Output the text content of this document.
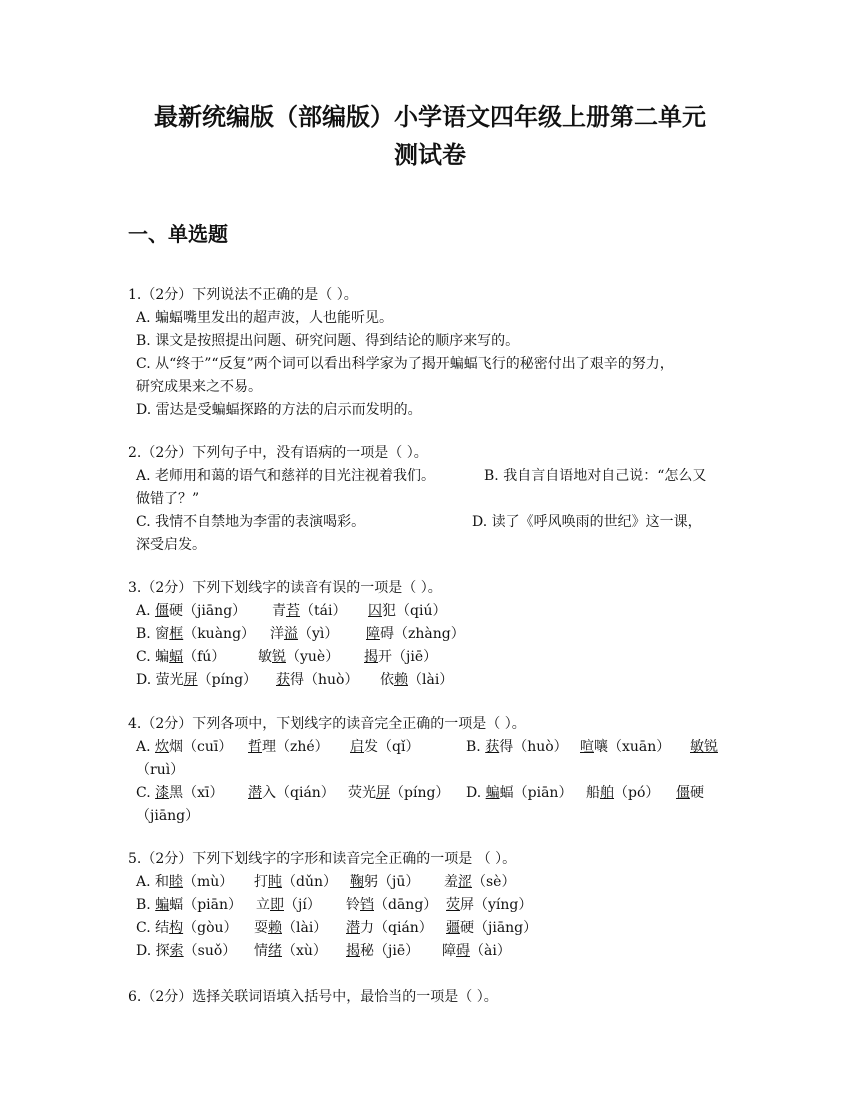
最新统编版（部编版）小学语文四年级上册第二单元
测试卷
一、单选题
1.（2分）下列说法不正确的是（ ）。
A. 蝙蝠嘴里发出的超声波，人也能听见。
B. 课文是按照提出问题、研究问题、得到结论的顺序来写的。
C. 从“终于”“反复”两个词可以看出科学家为了揭开蝙蝠飞行的秘密付出了艰辛的努力，
研究成果来之不易。
D. 雷达是受蝙蝠探路的方法的启示而发明的。
2.（2分）下列句子中，没有语病的一项是（ ）。
A. 老师用和蔼的语气和慈祥的目光注视着我们。	B. 我自言自语地对自己说：“怎么又
做错了？”
C. 我情不自禁地为李雷的表演喝彩。	D. 读了《呼风唤雨的世纪》这一课，
深受启发。
3.（2分）下列下划线字的读音有误的一项是（ ）。
A. 僵硬（jiāng） 青苔（tái） 囚犯（qiú）
B. 窗框（kuàng） 洋溢（yì） 障碍（zhàng）
C. 蝙蝠（fú） 敏锐（yuè） 揭开（jiē）
D. 萤光屏（píng） 获得（huò） 依赖（lài）
4.（2分）下列各项中，下划线字的读音完全正确的一项是（ ）。
A. 炊烟（cuī） 哲理（zhé） 启发（qǐ）	B. 获得（huò） 喧嚷（xuān） 敏锐
（ruì）
C. 漆黑（xī） 潜入（qián） 荧光屏（píng） D. 蝙蝠（piān） 船舶（pó） 僵硬
（jiāng）
5.（2分）下列下划线字的字形和读音完全正确的一项是 （ ）。
A. 和睦（mù） 打盹（dǔn） 鞠躬（jū） 羞涩（sè）
B. 蝙蝠（piān） 立即（jí） 铃铛（dāng） 荧屏（yíng）
C. 结构（gòu） 耍赖（lài） 潜力（qián） 疆硬（jiāng）
D. 探索（suǒ） 情绪（xù） 揭秘（jiē） 障碍（ài）
6.（2分）选择关联词语填入括号中，最恰当的一项是（ ）。
